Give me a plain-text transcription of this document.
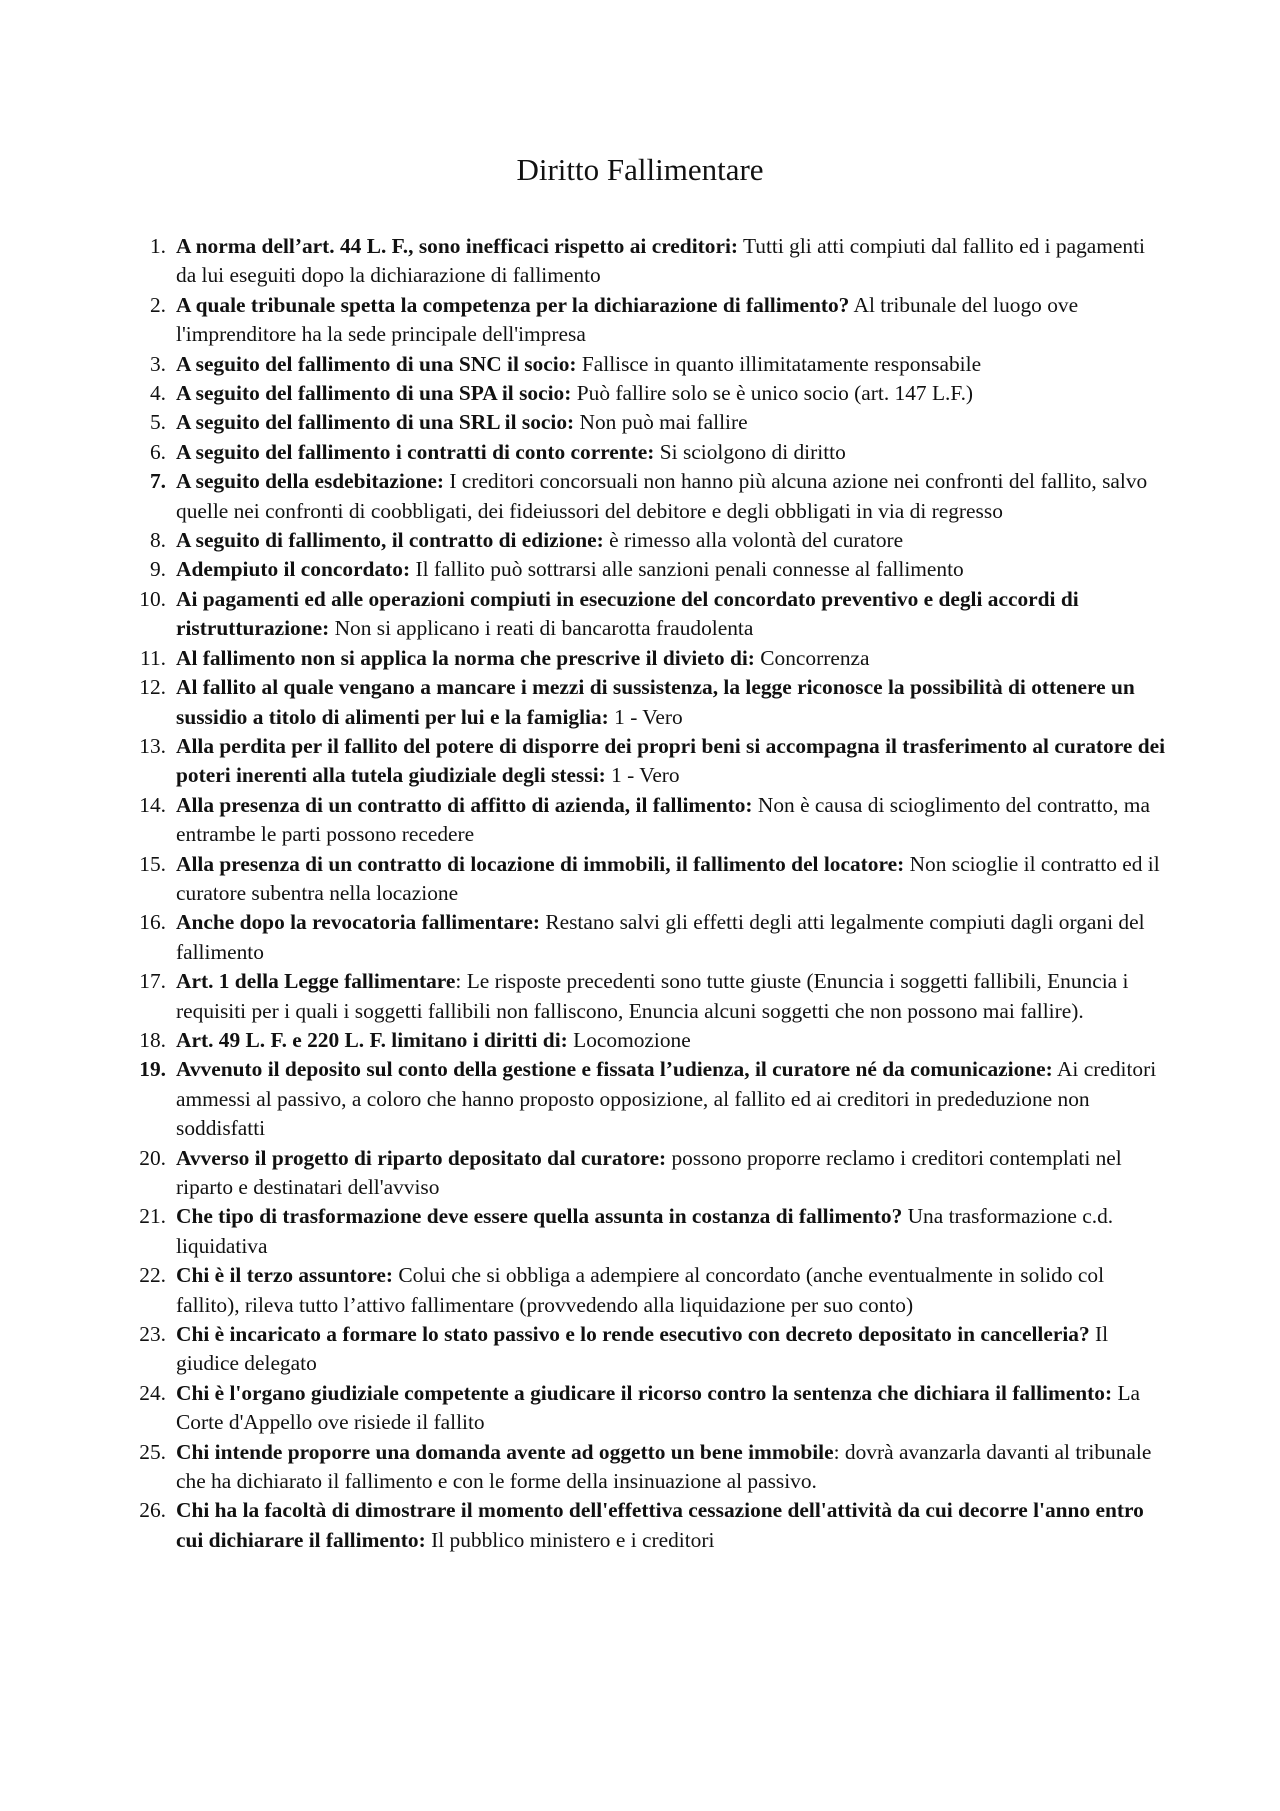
Diritto Fallimentare
1. A norma dell’art. 44 L. F., sono inefficaci rispetto ai creditori: Tutti gli atti compiuti dal fallito ed i pagamenti da lui eseguiti dopo la dichiarazione di fallimento
2. A quale tribunale spetta la competenza per la dichiarazione di fallimento? Al tribunale del luogo ove l'imprenditore ha la sede principale dell'impresa
3. A seguito del fallimento di una SNC il socio: Fallisce in quanto illimitatamente responsabile
4. A seguito del fallimento di una SPA il socio: Può fallire solo se è unico socio (art. 147 L.F.)
5. A seguito del fallimento di una SRL il socio: Non può mai fallire
6. A seguito del fallimento i contratti di conto corrente: Si sciolgono di diritto
7. A seguito della esdebitazione: I creditori concorsuali non hanno più alcuna azione nei confronti del fallito, salvo quelle nei confronti di coobbligati, dei fideiussori del debitore e degli obbligati in via di regresso
8. A seguito di fallimento, il contratto di edizione: è rimesso alla volontà del curatore
9. Adempiuto il concordato: Il fallito può sottrarsi alle sanzioni penali connesse al fallimento
10. Ai pagamenti ed alle operazioni compiuti in esecuzione del concordato preventivo e degli accordi di ristrutturazione: Non si applicano i reati di bancarotta fraudolenta
11. Al fallimento non si applica la norma che prescrive il divieto di: Concorrenza
12. Al fallito al quale vengano a mancare i mezzi di sussistenza, la legge riconosce la possibilità di ottenere un sussidio a titolo di alimenti per lui e la famiglia: 1 - Vero
13. Alla perdita per il fallito del potere di disporre dei propri beni si accompagna il trasferimento al curatore dei poteri inerenti alla tutela giudiziale degli stessi: 1 - Vero
14. Alla presenza di un contratto di affitto di azienda, il fallimento: Non è causa di scioglimento del contratto, ma entrambe le parti possono recedere
15. Alla presenza di un contratto di locazione di immobili, il fallimento del locatore: Non scioglie il contratto ed il curatore subentra nella locazione
16. Anche dopo la revocatoria fallimentare: Restano salvi gli effetti degli atti legalmente compiuti dagli organi del fallimento
17. Art. 1 della Legge fallimentare: Le risposte precedenti sono tutte giuste (Enuncia i soggetti fallibili, Enuncia i requisiti per i quali i soggetti fallibili non falliscono, Enuncia alcuni soggetti che non possono mai fallire).
18. Art. 49 L. F. e 220 L. F. limitano i diritti di: Locomozione
19. Avvenuto il deposito sul conto della gestione e fissata l’udienza, il curatore né da comunicazione: Ai creditori ammessi al passivo, a coloro che hanno proposto opposizione, al fallito ed ai creditori in prededuzione non soddisfatti
20. Avverso il progetto di riparto depositato dal curatore: possono proporre reclamo i creditori contemplati nel riparto e destinatari dell'avviso
21. Che tipo di trasformazione deve essere quella assunta in costanza di fallimento? Una trasformazione c.d. liquidativa
22. Chi è il terzo assuntore: Colui che si obbliga a adempiere al concordato (anche eventualmente in solido col fallito), rileva tutto l’attivo fallimentare (provvedendo alla liquidazione per suo conto)
23. Chi è incaricato a formare lo stato passivo e lo rende esecutivo con decreto depositato in cancelleria? Il giudice delegato
24. Chi è l'organo giudiziale competente a giudicare il ricorso contro la sentenza che dichiara il fallimento: La Corte d'Appello ove risiede il fallito
25. Chi intende proporre una domanda avente ad oggetto un bene immobile: dovrà avanzarla davanti al tribunale che ha dichiarato il fallimento e con le forme della insinuazione al passivo.
26. Chi ha la facoltà di dimostrare il momento dell'effettiva cessazione dell'attività da cui decorre l'anno entro cui dichiarare il fallimento: Il pubblico ministero e i creditori
